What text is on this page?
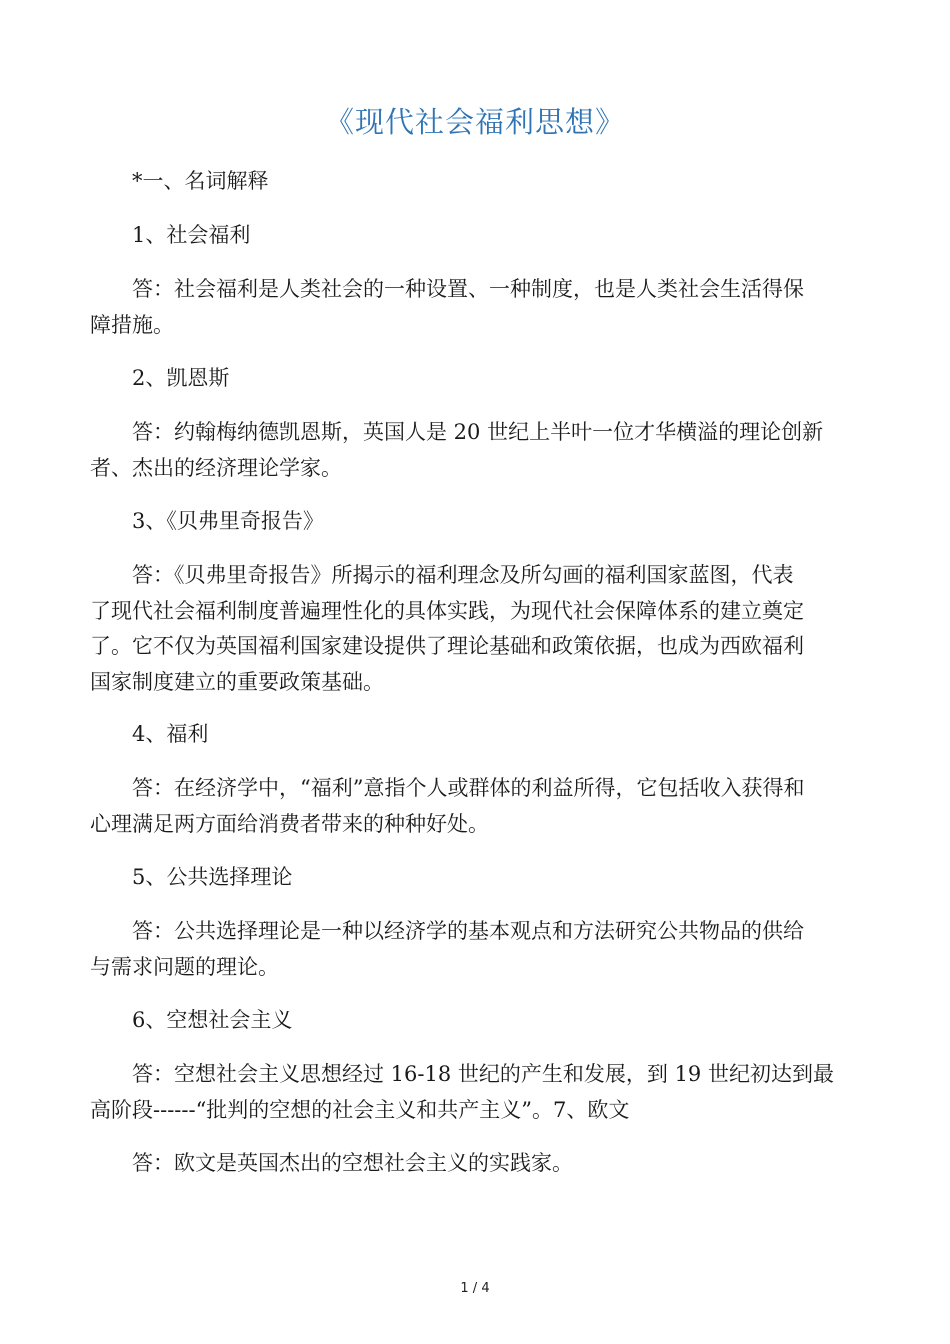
《现代社会福利思想》
*一、名词解释
1、社会福利
答：社会福利是人类社会的一种设置、一种制度，也是人类社会生活得保
障措施。
2、凯恩斯
答：约翰梅纳德凯恩斯，英国人是 20 世纪上半叶一位才华横溢的理论创新
者、杰出的经济理论学家。
3、《贝弗里奇报告》
答：《贝弗里奇报告》所揭示的福利理念及所勾画的福利国家蓝图，代表
了现代社会福利制度普遍理性化的具体实践，为现代社会保障体系的建立奠定
了。它不仅为英国福利国家建设提供了理论基础和政策依据，也成为西欧福利
国家制度建立的重要政策基础。
4、福利
答：在经济学中，“福利”意指个人或群体的利益所得，它包括收入获得和
心理满足两方面给消费者带来的种种好处。
5、公共选择理论
答：公共选择理论是一种以经济学的基本观点和方法研究公共物品的供给
与需求问题的理论。
6、空想社会主义
答：空想社会主义思想经过 16-18 世纪的产生和发展，到 19 世纪初达到最
高阶段------“批判的空想的社会主义和共产主义”。7、欧文
答：欧文是英国杰出的空想社会主义的实践家。
1 / 4
